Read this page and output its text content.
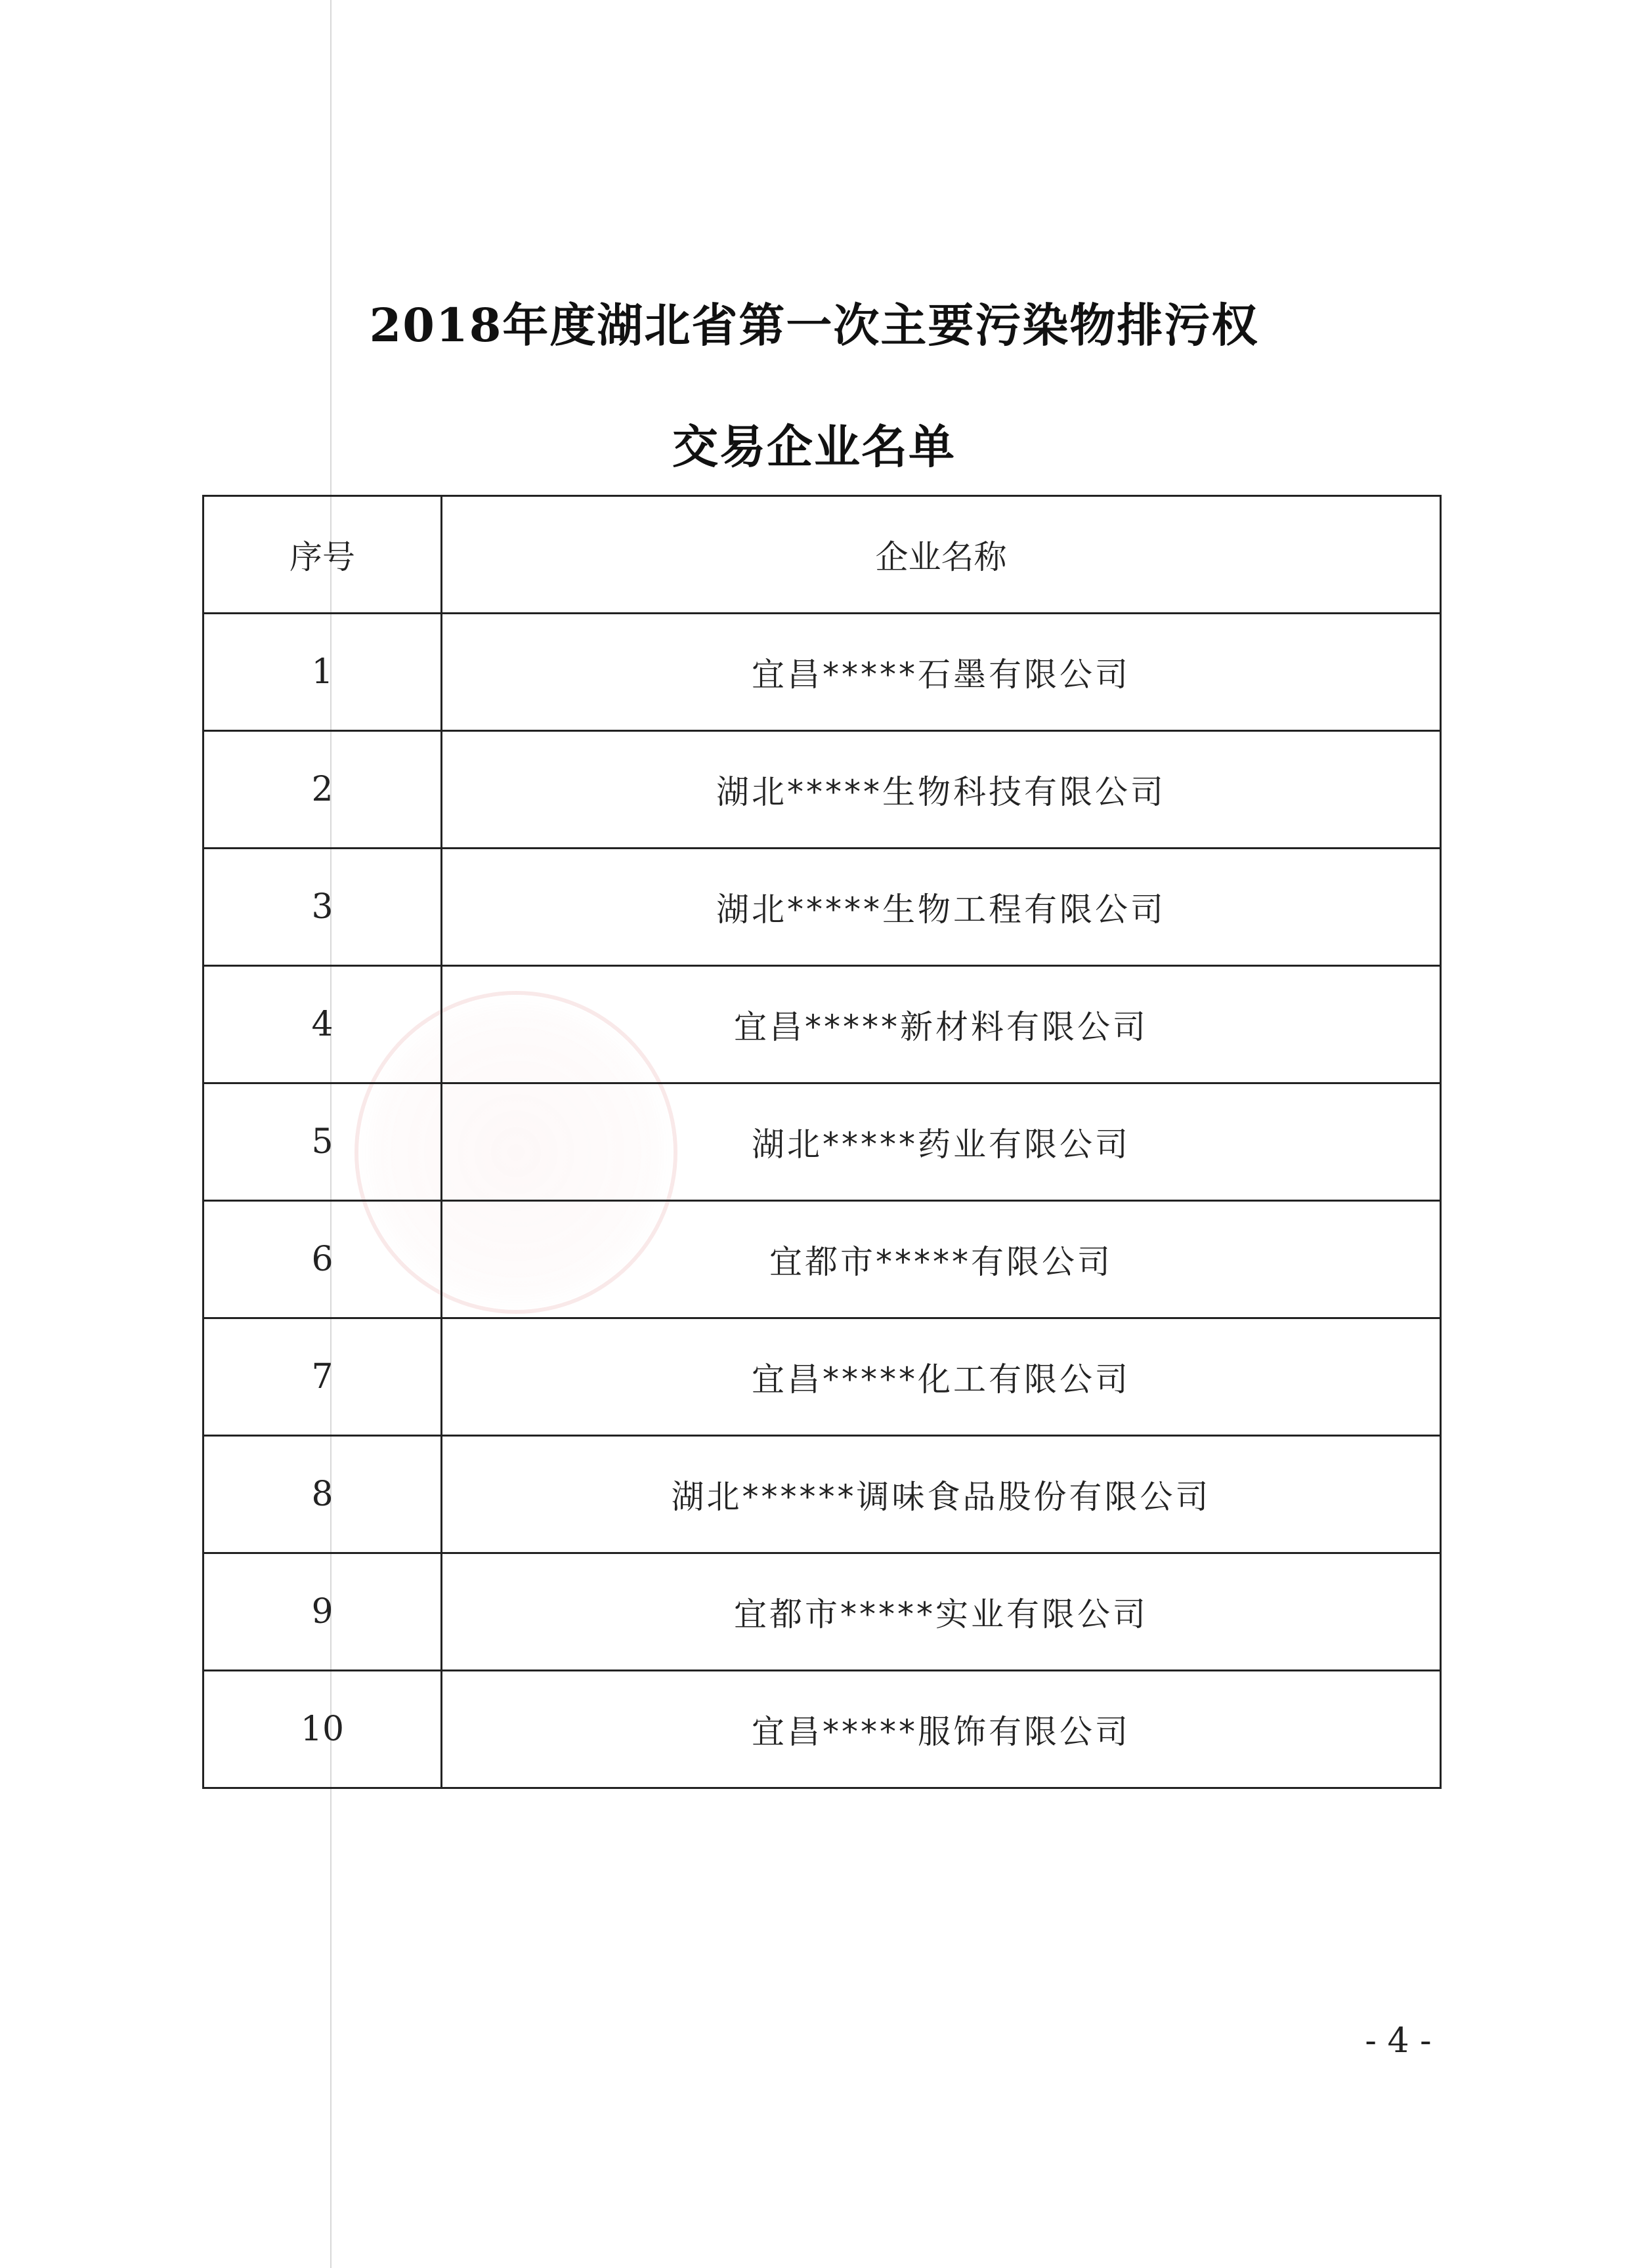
2018年度湖北省第一次主要污染物排污权
交易企业名单
序号	企业名称
1	宜昌*****石墨有限公司
2	湖北*****生物科技有限公司
3	湖北*****生物工程有限公司
4	宜昌*****新材料有限公司
5	湖北*****药业有限公司
6	宜都市*****有限公司
7	宜昌*****化工有限公司
8	湖北******调味食品股份有限公司
9	宜都市*****实业有限公司
10	宜昌*****服饰有限公司
- 4 -
